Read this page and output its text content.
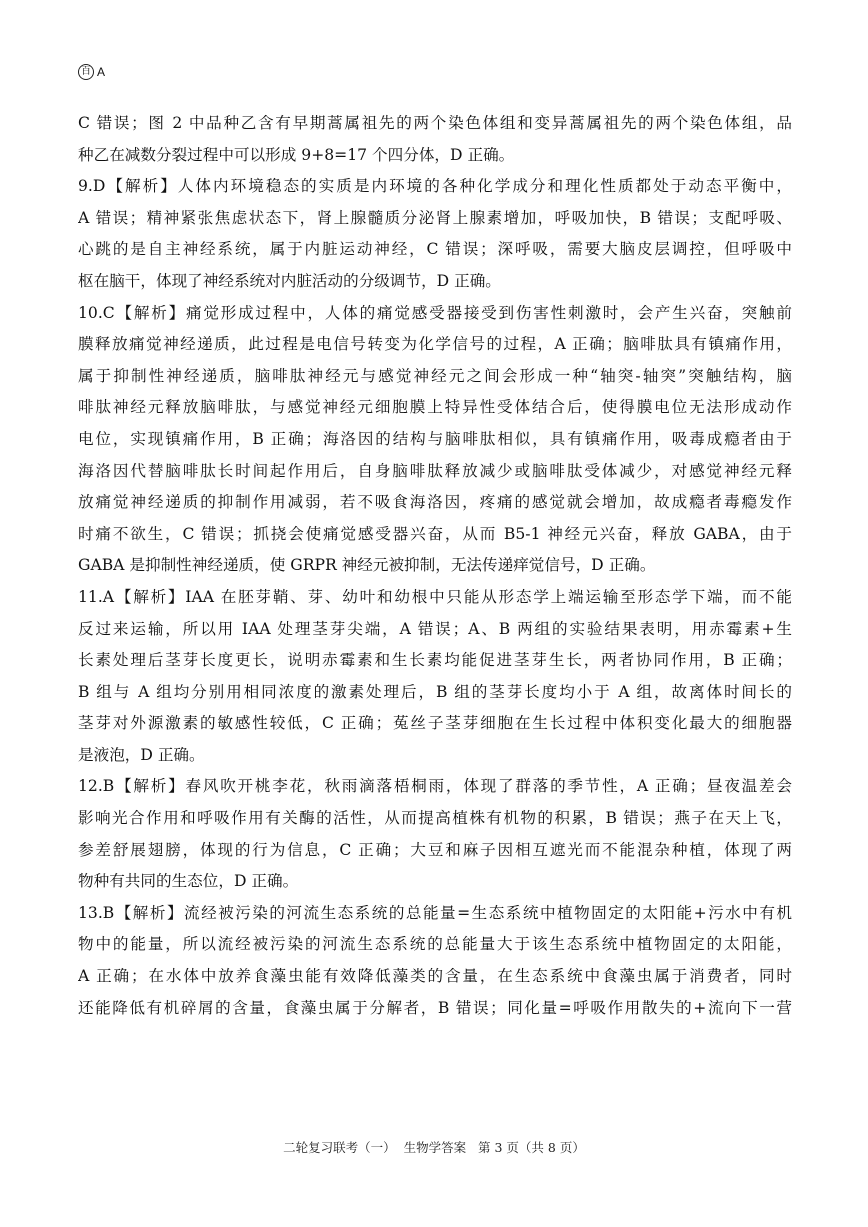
百 A
C 错误；图 2 中品种乙含有早期蒿属祖先的两个染色体组和变异蒿属祖先的两个染色体组，品
种乙在减数分裂过程中可以形成 9+8=17 个四分体，D 正确。
9.D【解析】人体内环境稳态的实质是内环境的各种化学成分和理化性质都处于动态平衡中，
A 错误；精神紧张焦虑状态下，肾上腺髓质分泌肾上腺素增加，呼吸加快，B 错误；支配呼吸、
心跳的是自主神经系统，属于内脏运动神经，C 错误；深呼吸，需要大脑皮层调控，但呼吸中
枢在脑干，体现了神经系统对内脏活动的分级调节，D 正确。
10.C【解析】痛觉形成过程中，人体的痛觉感受器接受到伤害性刺激时，会产生兴奋，突触前
膜释放痛觉神经递质，此过程是电信号转变为化学信号的过程，A 正确；脑啡肽具有镇痛作用，
属于抑制性神经递质，脑啡肽神经元与感觉神经元之间会形成一种“轴突-轴突”突触结构，脑
啡肽神经元释放脑啡肽，与感觉神经元细胞膜上特异性受体结合后，使得膜电位无法形成动作
电位，实现镇痛作用，B 正确；海洛因的结构与脑啡肽相似，具有镇痛作用，吸毒成瘾者由于
海洛因代替脑啡肽长时间起作用后，自身脑啡肽释放减少或脑啡肽受体减少，对感觉神经元释
放痛觉神经递质的抑制作用减弱，若不吸食海洛因，疼痛的感觉就会增加，故成瘾者毒瘾发作
时痛不欲生，C 错误；抓挠会使痛觉感受器兴奋，从而 B5-1 神经元兴奋，释放 GABA，由于
GABA 是抑制性神经递质，使 GRPR 神经元被抑制，无法传递痒觉信号，D 正确。
11.A【解析】IAA 在胚芽鞘、芽、幼叶和幼根中只能从形态学上端运输至形态学下端，而不能
反过来运输，所以用 IAA 处理茎芽尖端，A 错误；A、B 两组的实验结果表明，用赤霉素+生
长素处理后茎芽长度更长，说明赤霉素和生长素均能促进茎芽生长，两者协同作用，B 正确；
B 组与 A 组均分别用相同浓度的激素处理后，B 组的茎芽长度均小于 A 组，故离体时间长的
茎芽对外源激素的敏感性较低，C 正确；菟丝子茎芽细胞在生长过程中体积变化最大的细胞器
是液泡，D 正确。
12.B【解析】春风吹开桃李花，秋雨滴落梧桐雨，体现了群落的季节性，A 正确；昼夜温差会
影响光合作用和呼吸作用有关酶的活性，从而提高植株有机物的积累，B 错误；燕子在天上飞，
参差舒展翅膀，体现的行为信息，C 正确；大豆和麻子因相互遮光而不能混杂种植，体现了两
物种有共同的生态位，D 正确。
13.B【解析】流经被污染的河流生态系统的总能量=生态系统中植物固定的太阳能+污水中有机
物中的能量，所以流经被污染的河流生态系统的总能量大于该生态系统中植物固定的太阳能，
A 正确；在水体中放养食藻虫能有效降低藻类的含量，在生态系统中食藻虫属于消费者，同时
还能降低有机碎屑的含量，食藻虫属于分解者，B 错误；同化量=呼吸作用散失的+流向下一营
二轮复习联考（一）  生物学答案   第 3 页（共 8 页）
